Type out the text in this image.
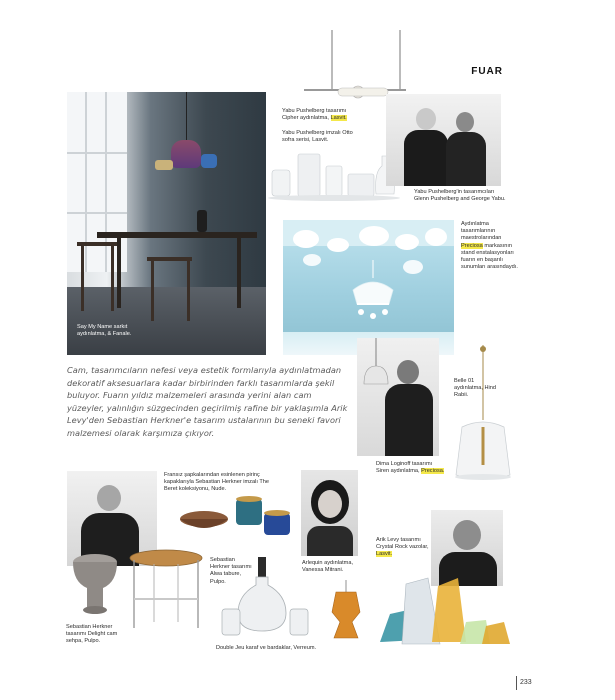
FUAR
Say My Name sarkıt aydınlatma, & Fanale.
Yabu Pushelberg tasarımı Cipher aydınlatma, Lasvit.
Yabu Pushelberg imzalı Otto sofra serisi, Lasvit.
Yabu Pushelberg'in tasarımcıları Glenn Pushelberg and George Yabu.
Aydınlatma tasarımlarının maestrolarından Preciosa markasının stand enstalasyonları fuarın en başarılı sunumları arasındaydı.
Cam, tasarımcıların nefesi veya estetik formlarıyla aydınlatmadan dekoratif aksesuarlara kadar birbirinden farklı tasarımlarda şekil buluyor. Fuarın yıldız malzemeleri arasında yerini alan cam yüzeyler, yalınlığın süzgecinden geçirilmiş rafine bir yaklaşımla Arik Levy'den Sebastian Herkner'e tasarım ustalarının bu seneki favori malzemesi olarak karşımıza çıkıyor.
Dima Loginoff tasarımı Siren aydınlatma, Preciosa.
Belle 01 aydınlatma, Hind Rabii.
Fransız şapkalarından esinlenen pirinç kapaklarıyla Sebastian Herkner imzalı The Beret koleksiyonu, Nude.
Arlequin aydınlatma, Vanessa Mitrani.
Arik Levy tasarımı Crystal Rock vazolar, Lasvit.
Sebastian Herkner tasarımı Alwa tabure, Pulpo.
Sebastian Herkner tasarımı Delight cam sehpa, Pulpo.
Double Jeu karaf ve bardaklar, Verreum.
233
